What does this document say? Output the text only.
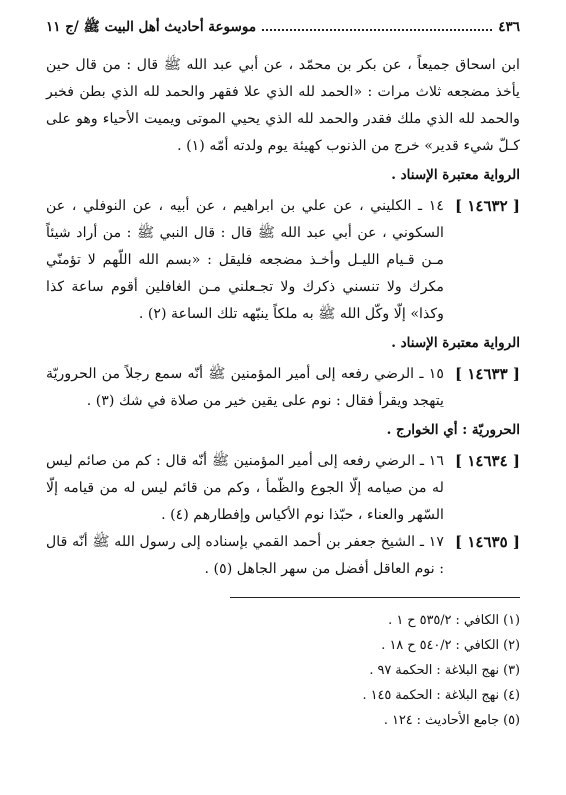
٤٣٦
موسوعة أحاديث أهل البيت ﷺ /ج ١١

ابن اسحاق جميعاً ، عن بكر بن محمّد ، عن أبي عبد الله ﷺ قال : من قال حين يأخذ مضجعه ثلاث مرات : «الحمد لله الذي علا فقهر والحمد لله الذي بطن فخبر والحمد لله الذي ملك فقدر والحمد لله الذي يحيي الموتى ويميت الأحياء وهو على كـلّ شيء قدير» خرج من الذنوب كهيئة يوم ولدته أمّه (١) .

الرواية معتبرة الإسناد .
[ ١٤٦٣٢ ]
١٤ ـ الكليني ، عن علي بن ابراهيم ، عن أبيه ، عن النوفلي ، عن السكوني ، عن أبي عبد الله ﷺ قال : قال النبي ﷺ : من أراد شيئاً مـن قـيام الليـل وأخـذ مضجعه فليقل : «بسم الله اللّهم لا تؤمنّي مكرك ولا تنسني ذكرك ولا تجـعلني مـن الغافلين أقوم ساعة كذا وكذا» إلّا وكّل الله ﷺ به ملكاً ينبّهه تلك الساعة (٢) .
الرواية معتبرة الإسناد .
[ ١٤٦٣٣ ]
١٥ ـ الرضي رفعه إلى أمير المؤمنين ﷺ أنّه سمع رجلاً من الحروريّة يتهجد ويقرأ فقال : نوم على يقين خير من صلاة في شك (٣) .
الحروريّة : أي الخوارج .
[ ١٤٦٣٤ ]
١٦ ـ الرضي رفعه إلى أمير المؤمنين ﷺ أنّه قال : كم من صائم ليس له من صيامه إلّا الجوع والظّمأ ، وكم من قائم ليس له من قيامه إلّا السّهر والعناء ، حبّذا نوم الأكياس وإفطارهم (٤) .
[ ١٤٦٣٥ ]
١٧ ـ الشيخ جعفر بن أحمد القمي بإسناده إلى رسول الله ﷺ أنّه قال : نوم العاقل أفضل من سهر الجاهل (٥) .
(١) الكافي : ٥٣٥/٢ ح ١ .
(٢) الكافي : ٥٤٠/٢ ح ١٨ .
(٣) نهج البلاغة : الحكمة ٩٧ .
(٤) نهج البلاغة : الحكمة ١٤٥ .
(٥) جامع الأحاديث : ١٢٤ .
